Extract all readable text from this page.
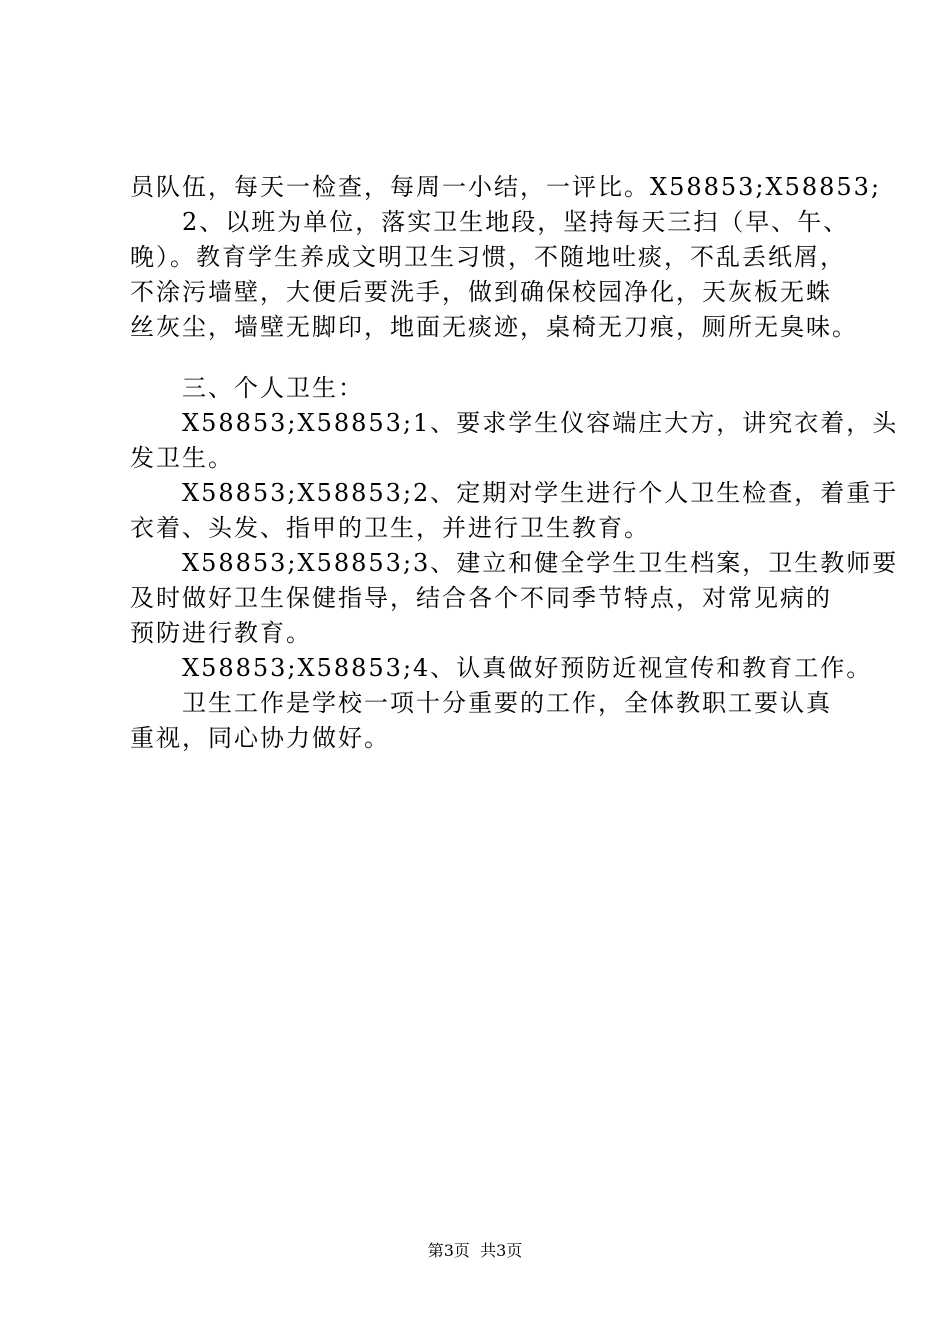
员队伍，每天一检查，每周一小结，一评比。X58853;X58853;
　　2、以班为单位，落实卫生地段，坚持每天三扫（早、午、
晚）。教育学生养成文明卫生习惯，不随地吐痰，不乱丢纸屑，
不涂污墙壁，大便后要洗手，做到确保校园净化，天灰板无蛛
丝灰尘，墙壁无脚印，地面无痰迹，桌椅无刀痕，厕所无臭味。
　　三、个人卫生：
　　X58853;X58853;1、要求学生仪容端庄大方，讲究衣着，头
发卫生。
　　X58853;X58853;2、定期对学生进行个人卫生检查，着重于
衣着、头发、指甲的卫生，并进行卫生教育。
　　X58853;X58853;3、建立和健全学生卫生档案，卫生教师要
及时做好卫生保健指导，结合各个不同季节特点，对常见病的
预防进行教育。
　　X58853;X58853;4、认真做好预防近视宣传和教育工作。
　　卫生工作是学校一项十分重要的工作，全体教职工要认真
重视，同心协力做好。
第3页  共3页
